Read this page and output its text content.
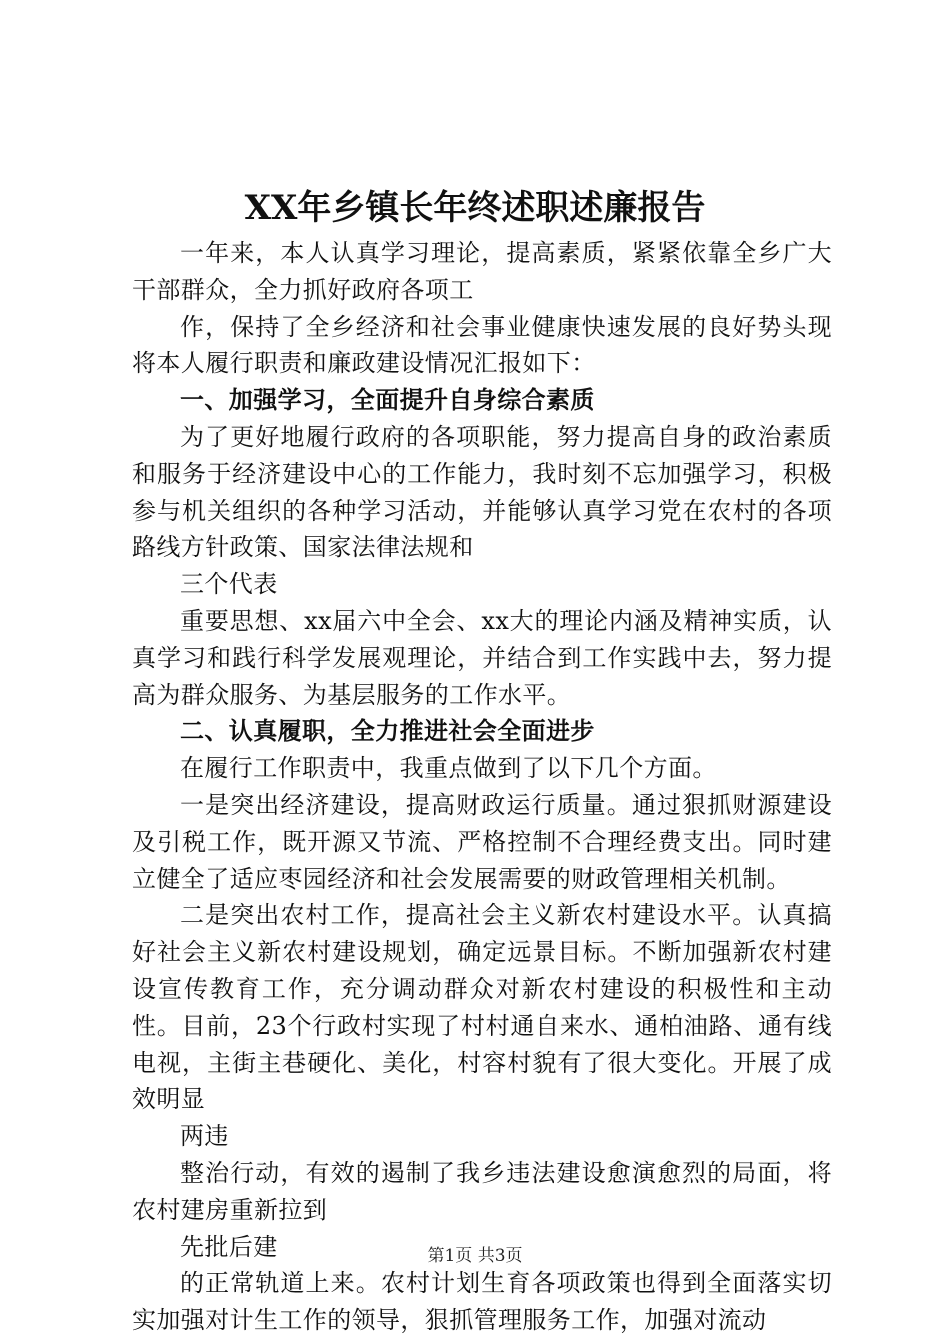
XX年乡镇长年终述职述廉报告

一年来，本人认真学习理论，提高素质，紧紧依靠全乡广大干部群众，全力抓好政府各项工

作，保持了全乡经济和社会事业健康快速发展的良好势头现将本人履行职责和廉政建设情况汇报如下：

一、加强学习，全面提升自身综合素质

为了更好地履行政府的各项职能，努力提高自身的政治素质和服务于经济建设中心的工作能力，我时刻不忘加强学习，积极参与机关组织的各种学习活动，并能够认真学习党在农村的各项路线方针政策、国家法律法规和

三个代表

重要思想、xx届六中全会、xx大的理论内涵及精神实质，认真学习和践行科学发展观理论，并结合到工作实践中去，努力提高为群众服务、为基层服务的工作水平。

二、认真履职，全力推进社会全面进步

在履行工作职责中，我重点做到了以下几个方面。

一是突出经济建设，提高财政运行质量。通过狠抓财源建设及引税工作，既开源又节流、严格控制不合理经费支出。同时建立健全了适应枣园经济和社会发展需要的财政管理相关机制。

二是突出农村工作，提高社会主义新农村建设水平。认真搞好社会主义新农村建设规划，确定远景目标。不断加强新农村建设宣传教育工作，充分调动群众对新农村建设的积极性和主动性。目前，23个行政村实现了村村通自来水、通柏油路、通有线电视，主街主巷硬化、美化，村容村貌有了很大变化。开展了成效明显

两违

整治行动，有效的遏制了我乡违法建设愈演愈烈的局面，将农村建房重新拉到

先批后建

的正常轨道上来。农村计划生育各项政策也得到全面落实切实加强对计生工作的领导，狠抓管理服务工作，加强对流动

第1页 共3页
